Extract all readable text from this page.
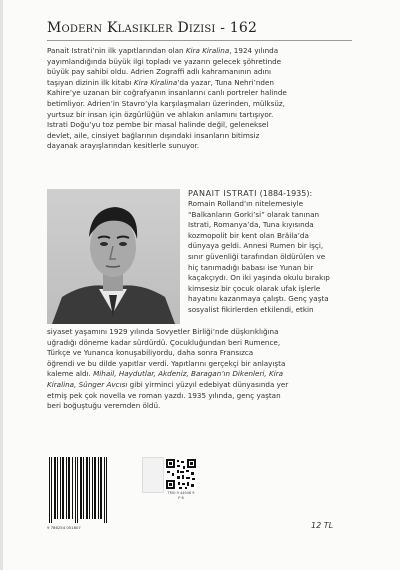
Modern Klasikler Dizisi - 162
Panait Istrati’nin ilk yapıtlarından olan Kira Kiralina, 1924 yılında
yayımlandığında büyük ilgi topladı ve yazarın gelecek şöhretinde
büyük pay sahibi oldu. Adrien Zograffi adlı kahramanının adını
taşıyan dizinin ilk kitabı Kira Kiralina’da yazar, Tuna Nehri’nden
Kahire’ye uzanan bir coğrafyanın insanlarını canlı portreler halinde
betimliyor. Adrien’in Stavro’yla karşılaşmaları üzerinden, mülksüz,
yurtsuz bir insan için özgürlüğün ve ahlakın anlamını tartışıyor.
Istrati Doğu’yu toz pembe bir masal halinde değil, geleneksel
devlet, aile, cinsiyet bağlarının dışındaki insanların bitimsiz
dayanak arayışlarından kesitlerle sunuyor.
PANAIT ISTRATI (1884-1935):
Romain Rolland’ın nitelemesiyle
“Balkanların Gorki’si” olarak tanınan
Istrati, Romanya’da, Tuna kıyısında
kozmopolit bir kent olan Brăila’da
dünyaya geldi. Annesi Rumen bir işçi,
sınır güvenliği tarafından öldürülen ve
hiç tanımadığı babası ise Yunan bir
kaçakçıydı. On iki yaşında okulu bırakıp
kimsesiz bir çocuk olarak ufak işlerle
hayatını kazanmaya çalıştı. Genç yaşta
sosyalist fikirlerden etkilendi, etkin
siyaset yaşamını 1929 yılında Sovyetler Birliği’nde düşkırıklığına
uğradığı döneme kadar sürdürdü. Çocukluğundan beri Rumence,
Türkçe ve Yunanca konuşabiliyordu, daha sonra Fransızca
öğrendi ve bu dilde yapıtlar verdi. Yapıtlarını gerçekçi bir anlayışta
kaleme aldı. Mihail, Haydutlar, Akdeniz, Baragan’ın Dikenleri, Kira
Kiralina, Sünger Avcısı gibi yirminci yüzyıl edebiyat dünyasında yer
etmiş pek çok novella ve roman yazdı. 1935 yılında, genç yaştan
beri boğuştuğu veremden öldü.
9 786254 051807
TMO 9 44946 9 P 8
12 TL
